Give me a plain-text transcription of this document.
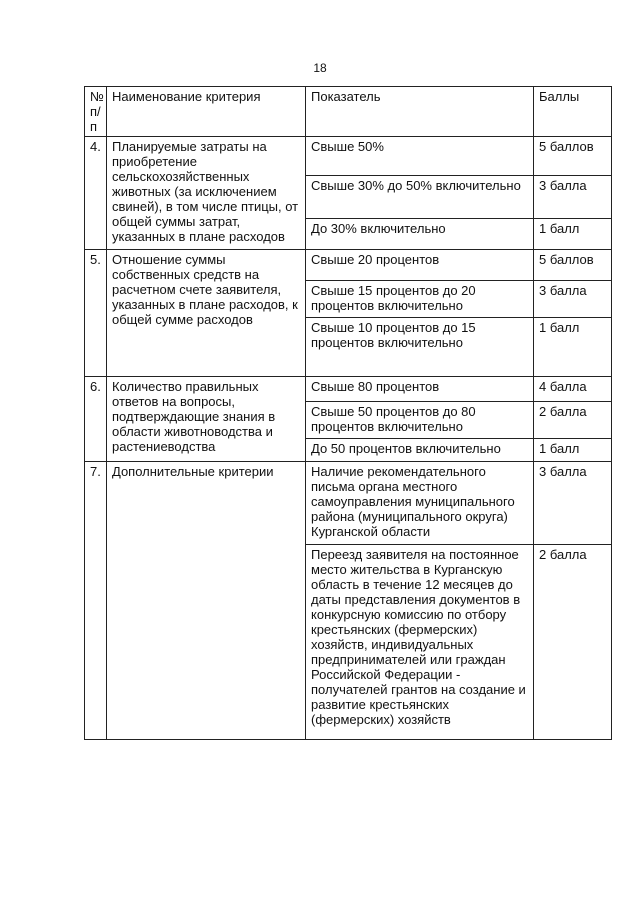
18
№ п/п	Наименование критерия	Показатель	Баллы
4.	Планируемые затраты на приобретение сельскохозяйственных животных (за исключением свиней), в том числе птицы, от общей суммы затрат, указанных в плане расходов	Свыше 50%	5 баллов
		Свыше 30% до 50% включительно	3 балла
		До 30% включительно	1 балл
5.	Отношение суммы собственных средств на расчетном счете заявителя, указанных в плане расходов, к общей сумме расходов	Свыше 20 процентов	5 баллов
		Свыше 15 процентов до 20 процентов включительно	3 балла
		Свыше 10 процентов до 15 процентов включительно	1 балл
6.	Количество правильных ответов на вопросы, подтверждающие знания в области животноводства и растениеводства	Свыше 80 процентов	4 балла
		Свыше 50 процентов до 80 процентов включительно	2 балла
		До 50 процентов включительно	1 балл
7.	Дополнительные критерии	Наличие рекомендательного письма органа местного самоуправления муниципального района (муниципального округа) Курганской области	3 балла
		Переезд заявителя на постоянное место жительства в Курганскую область в течение 12 месяцев до даты представления документов в конкурсную комиссию по отбору крестьянских (фермерских) хозяйств, индивидуальных предпринимателей или граждан Российской Федерации - получателей грантов на создание и развитие крестьянских (фермерских) хозяйств	2 балла
